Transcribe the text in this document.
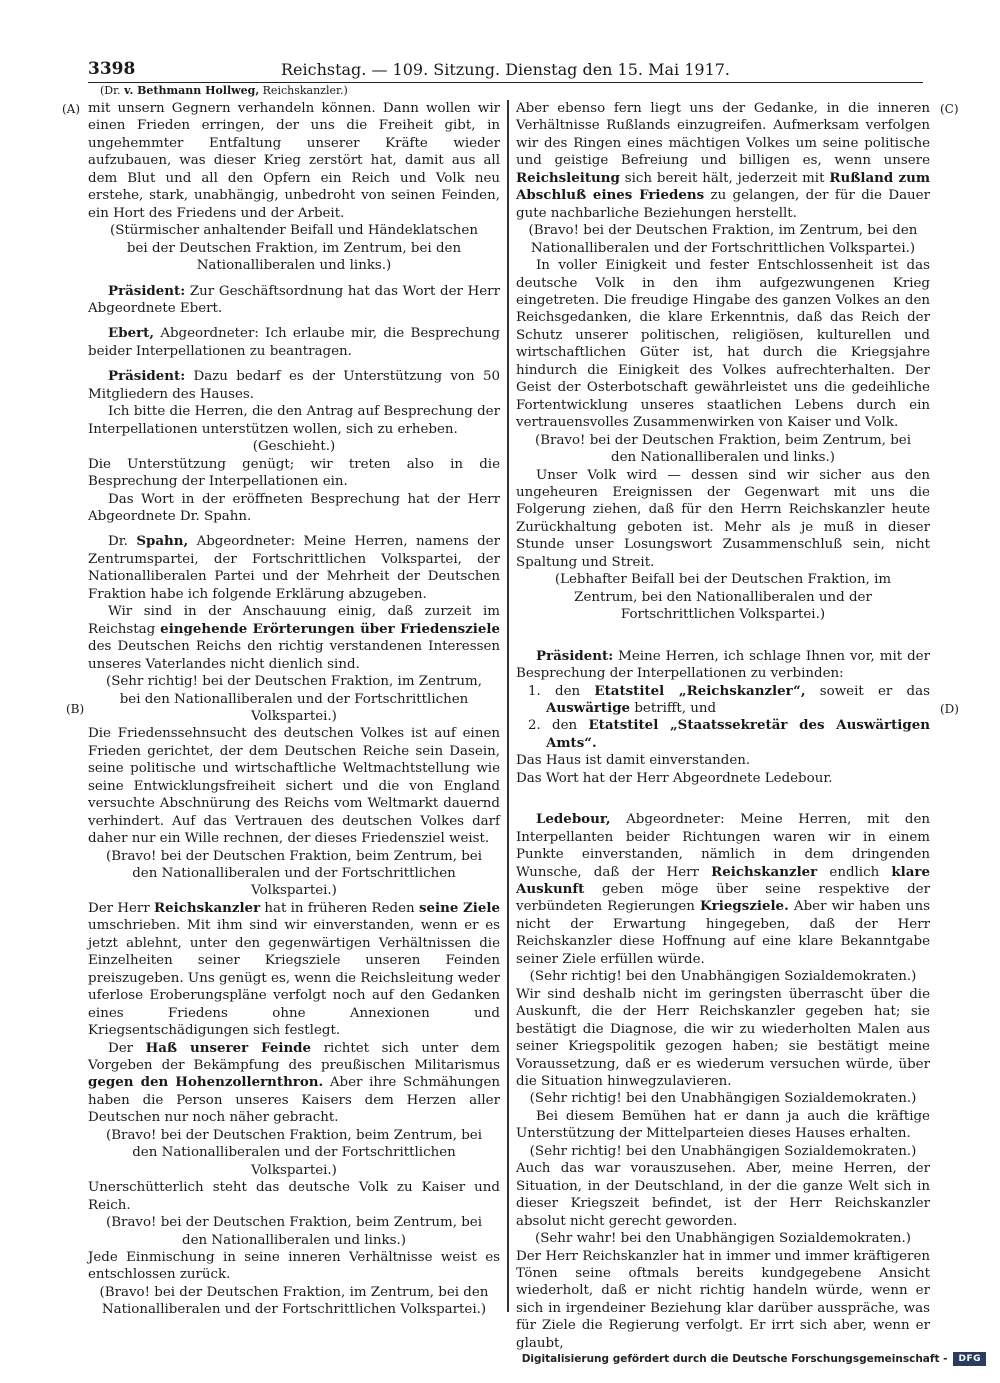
3398	Reichstag. — 109. Sitzung. Dienstag den 15. Mai 1917.
(Dr. v. Bethmann Hollweg, Reichskanzler.)
(A)
(B)
(C)
(D)

mit unsern Gegnern verhandeln können. Dann wollen wir einen Frieden erringen, der uns die Freiheit gibt, in ungehemmter Entfaltung unserer Kräfte wieder aufzubauen, was dieser Krieg zerstört hat, damit aus all dem Blut und all den Opfern ein Reich und Volk neu erstehe, stark, unabhängig, unbedroht von seinen Feinden, ein Hort des Friedens und der Arbeit.

(Stürmischer anhaltender Beifall und Händeklatschen bei der Deutschen Fraktion, im Zentrum, bei den Nationalliberalen und links.)

Präsident: Zur Geschäftsordnung hat das Wort der Herr Abgeordnete Ebert.

Ebert, Abgeordneter: Ich erlaube mir, die Besprechung beider Interpellationen zu beantragen.

Präsident: Dazu bedarf es der Unterstützung von 50 Mitgliedern des Hauses.

Ich bitte die Herren, die den Antrag auf Besprechung der Interpellationen unterstützen wollen, sich zu erheben.

(Geschieht.)

Die Unterstützung genügt; wir treten also in die Besprechung der Interpellationen ein.

Das Wort in der eröffneten Besprechung hat der Herr Abgeordnete Dr. Spahn.

Dr. Spahn, Abgeordneter: Meine Herren, namens der Zentrumspartei, der Fortschrittlichen Volkspartei, der Nationalliberalen Partei und der Mehrheit der Deutschen Fraktion habe ich folgende Erklärung abzugeben.

Wir sind in der Anschauung einig, daß zurzeit im Reichstag eingehende Erörterungen über Friedensziele des Deutschen Reichs den richtig verstandenen Interessen unseres Vaterlandes nicht dienlich sind.

(Sehr richtig! bei der Deutschen Fraktion, im Zentrum, bei den Nationalliberalen und der Fortschrittlichen Volkspartei.)

Die Friedenssehnsucht des deutschen Volkes ist auf einen Frieden gerichtet, der dem Deutschen Reiche sein Dasein, seine politische und wirtschaftliche Weltmachtstellung wie seine Entwicklungsfreiheit sichert und die von England versuchte Abschnürung des Reichs vom Weltmarkt dauernd verhindert. Auf das Vertrauen des deutschen Volkes darf daher nur ein Wille rechnen, der dieses Friedensziel weist.

(Bravo! bei der Deutschen Fraktion, beim Zentrum, bei den Nationalliberalen und der Fortschrittlichen Volkspartei.)

Der Herr Reichskanzler hat in früheren Reden seine Ziele umschrieben. Mit ihm sind wir einverstanden, wenn er es jetzt ablehnt, unter den gegenwärtigen Verhältnissen die Einzelheiten seiner Kriegsziele unseren Feinden preiszugeben. Uns genügt es, wenn die Reichsleitung weder uferlose Eroberungspläne verfolgt noch auf den Gedanken eines Friedens ohne Annexionen und Kriegsentschädigungen sich festlegt.

Der Haß unserer Feinde richtet sich unter dem Vorgeben der Bekämpfung des preußischen Militarismus gegen den Hohenzollernthron. Aber ihre Schmähungen haben die Person unseres Kaisers dem Herzen aller Deutschen nur noch näher gebracht.

(Bravo! bei der Deutschen Fraktion, beim Zentrum, bei den Nationalliberalen und der Fortschrittlichen Volkspartei.)

Unerschütterlich steht das deutsche Volk zu Kaiser und Reich.

(Bravo! bei der Deutschen Fraktion, beim Zentrum, bei den Nationalliberalen und links.)

Jede Einmischung in seine inneren Verhältnisse weist es entschlossen zurück.

(Bravo! bei der Deutschen Fraktion, im Zentrum, bei den Nationalliberalen und der Fortschrittlichen Volkspartei.)

Aber ebenso fern liegt uns der Gedanke, in die inneren Verhältnisse Rußlands einzugreifen. Aufmerksam verfolgen wir des Ringen eines mächtigen Volkes um seine politische und geistige Befreiung und billigen es, wenn unsere Reichsleitung sich bereit hält, jederzeit mit Rußland zum Abschluß eines Friedens zu gelangen, der für die Dauer gute nachbarliche Beziehungen herstellt.

(Bravo! bei der Deutschen Fraktion, im Zentrum, bei den Nationalliberalen und der Fortschrittlichen Volkspartei.)

In voller Einigkeit und fester Entschlossenheit ist das deutsche Volk in den ihm aufgezwungenen Krieg eingetreten. Die freudige Hingabe des ganzen Volkes an den Reichsgedanken, die klare Erkenntnis, daß das Reich der Schutz unserer politischen, religiösen, kulturellen und wirtschaftlichen Güter ist, hat durch die Kriegsjahre hindurch die Einigkeit des Volkes aufrechterhalten. Der Geist der Osterbotschaft gewährleistet uns die gedeihliche Fortentwicklung unseres staatlichen Lebens durch ein vertrauensvolles Zusammenwirken von Kaiser und Volk.

(Bravo! bei der Deutschen Fraktion, beim Zentrum, bei den Nationalliberalen und links.)

Unser Volk wird — dessen sind wir sicher aus den ungeheuren Ereignissen der Gegenwart mit uns die Folgerung ziehen, daß für den Herrn Reichskanzler heute Zurückhaltung geboten ist. Mehr als je muß in dieser Stunde unser Losungswort Zusammenschluß sein, nicht Spaltung und Streit.

(Lebhafter Beifall bei der Deutschen Fraktion, im Zentrum, bei den Nationalliberalen und der Fortschrittlichen Volkspartei.)

Präsident: Meine Herren, ich schlage Ihnen vor, mit der Besprechung der Interpellationen zu verbinden:

1. den Etatstitel „Reichskanzler“, soweit er das Auswärtige betrifft, und

2. den Etatstitel „Staatssekretär des Auswärtigen Amts“.

Das Haus ist damit einverstanden.

Das Wort hat der Herr Abgeordnete Ledebour.

Ledebour, Abgeordneter: Meine Herren, mit den Interpellanten beider Richtungen waren wir in einem Punkte einverstanden, nämlich in dem dringenden Wunsche, daß der Herr Reichskanzler endlich klare Auskunft geben möge über seine respektive der verbündeten Regierungen Kriegsziele. Aber wir haben uns nicht der Erwartung hingegeben, daß der Herr Reichskanzler diese Hoffnung auf eine klare Bekanntgabe seiner Ziele erfüllen würde.

(Sehr richtig! bei den Unabhängigen Sozialdemokraten.)

Wir sind deshalb nicht im geringsten überrascht über die Auskunft, die der Herr Reichskanzler gegeben hat; sie bestätigt die Diagnose, die wir zu wiederholten Malen aus seiner Kriegspolitik gezogen haben; sie bestätigt meine Voraussetzung, daß er es wiederum versuchen würde, über die Situation hinwegzulavieren.

(Sehr richtig! bei den Unabhängigen Sozialdemokraten.)

Bei diesem Bemühen hat er dann ja auch die kräftige Unterstützung der Mittelparteien dieses Hauses erhalten.

(Sehr richtig! bei den Unabhängigen Sozialdemokraten.)

Auch das war vorauszusehen. Aber, meine Herren, der Situation, in der Deutschland, in der die ganze Welt sich in dieser Kriegszeit befindet, ist der Herr Reichskanzler absolut nicht gerecht geworden.

(Sehr wahr! bei den Unabhängigen Sozialdemokraten.)

Der Herr Reichskanzler hat in immer und immer kräftigeren Tönen seine oftmals bereits kundgegebene Ansicht wiederholt, daß er nicht richtig handeln würde, wenn er sich in irgendeiner Beziehung klar darüber ausspräche, was für Ziele die Regierung verfolgt. Er irrt sich aber, wenn er glaubt,

Digitalisierung gefördert durch die Deutsche Forschungsgemeinschaft -	DFG
